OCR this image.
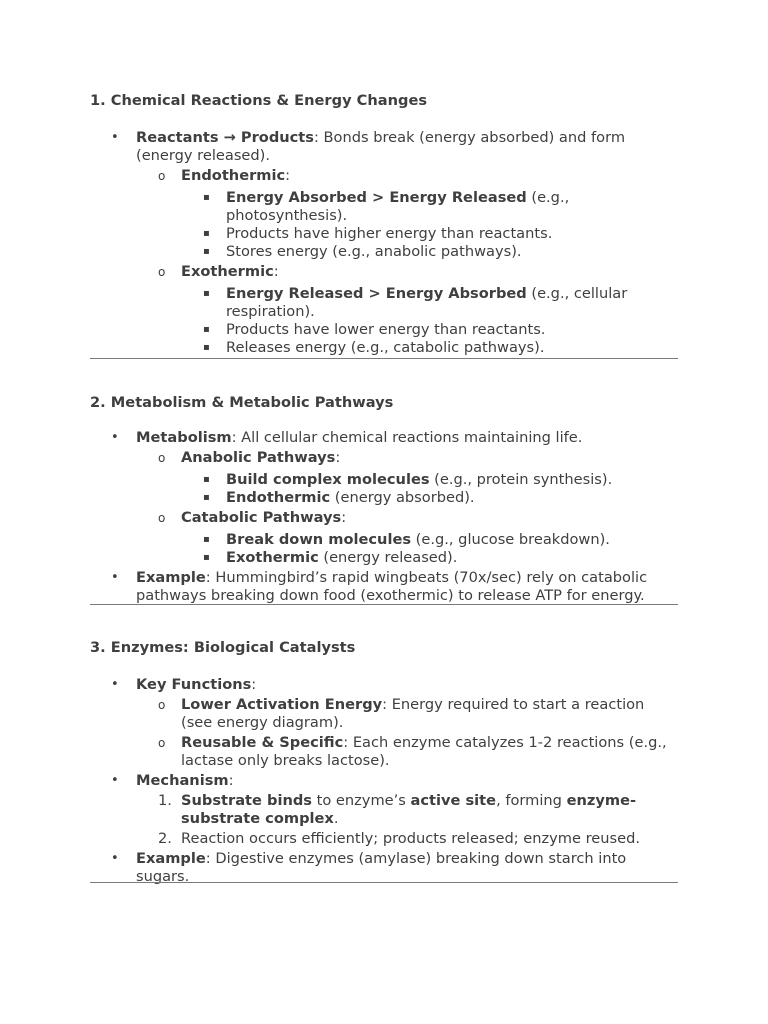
1. Chemical Reactions & Energy Changes

• Reactants → Products: Bonds break (energy absorbed) and form (energy released).
o Endothermic:
▪ Energy Absorbed > Energy Released (e.g., photosynthesis).
▪ Products have higher energy than reactants.
▪ Stores energy (e.g., anabolic pathways).
o Exothermic:
▪ Energy Released > Energy Absorbed (e.g., cellular respiration).
▪ Products have lower energy than reactants.
▪ Releases energy (e.g., catabolic pathways).

2. Metabolism & Metabolic Pathways

• Metabolism: All cellular chemical reactions maintaining life.
o Anabolic Pathways:
▪ Build complex molecules (e.g., protein synthesis).
▪ Endothermic (energy absorbed).
o Catabolic Pathways:
▪ Break down molecules (e.g., glucose breakdown).
▪ Exothermic (energy released).
• Example: Hummingbird’s rapid wingbeats (70x/sec) rely on catabolic pathways breaking down food (exothermic) to release ATP for energy.

3. Enzymes: Biological Catalysts

• Key Functions:
o Lower Activation Energy: Energy required to start a reaction (see energy diagram).
o Reusable & Specific: Each enzyme catalyzes 1-2 reactions (e.g., lactase only breaks lactose).
• Mechanism:
1. Substrate binds to enzyme’s active site, forming enzyme-substrate complex.
2. Reaction occurs efficiently; products released; enzyme reused.
• Example: Digestive enzymes (amylase) breaking down starch into sugars.
